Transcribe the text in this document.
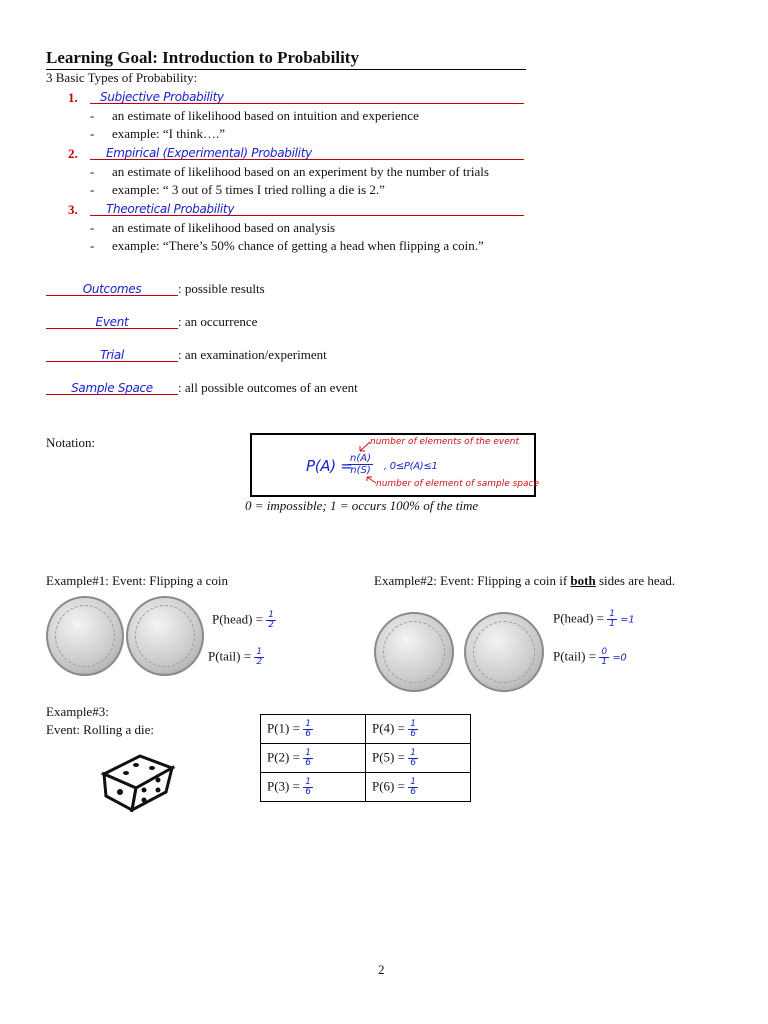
Learning Goal: Introduction to Probability
3 Basic Types of Probability:
1.	Subjective Probability
-	an estimate of likelihood based on intuition and experience
-	example: “I think….”
2.	Empirical (Experimental) Probability
-	an estimate of likelihood based on an experiment by the number of trials
-	example: “ 3 out of 5 times I tried rolling a die is 2.”
3.	Theoretical Probability
-	an estimate of likelihood based on analysis
-	example: “There’s 50% chance of getting a head when flipping a coin.”
Outcomes	: possible results
Event	: an occurrence
Trial	: an examination/experiment
Sample Space : all possible outcomes of an event
Notation:
P(A) =
$\frac{n(A)}{n(S)}$ , 0≤P(A)≤1
number of elements of the event
number of element of sample space
0 = impossible; 1 = occurs 100% of the time
Example#1: Event: Flipping a coin
P(head) = $\frac{1}{2}$
P(tail) = $\frac{1}{2}$
Example#2: Event: Flipping a coin if both sides are head.
P(head) = $\frac{1}{1} =1$
P(tail) = $\frac{0}{1} =0$
Example#3:
Event: Rolling a die:	$P(1) = \frac{1}{6}$	$P(4) = \frac{1}{6}$

$P(2) = \frac{1}{6}$	$P(5) = \frac{1}{6}$

$P(3) = \frac{1}{6}$	$P(6) = \frac{1}{6}$
2
